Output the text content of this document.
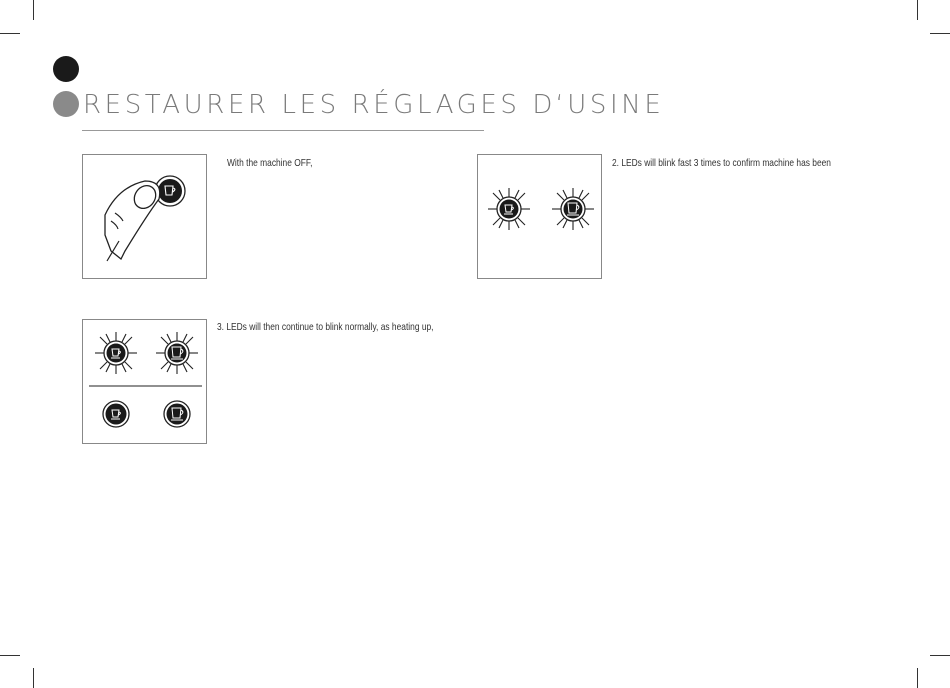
RESTAURER LES RÉGLAGES D‘USINE
With the machine OFF,	2. LEDs will blink fast 3 times to confirm machine has been
3. LEDs will then continue to blink normally, as heating up,
